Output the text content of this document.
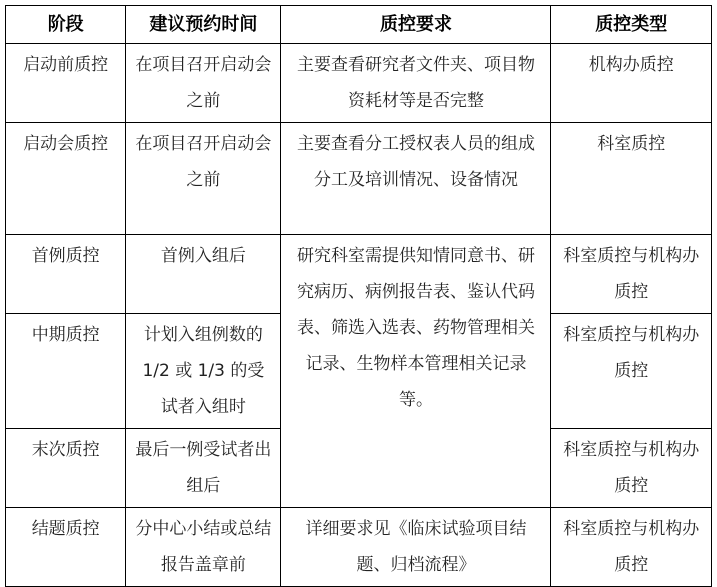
阶段	建议预约时间	质控要求	质控类型
启动前质控	在项目召开启动会之前	主要查看研究者文件夹、项目物资耗材等是否完整	机构办质控
启动会质控	在项目召开启动会之前	主要查看分工授权表人员的组成分工及培训情况、设备情况	科室质控
首例质控	首例入组后	研究科室需提供知情同意书、研究病历、病例报告表、鉴认代码表、筛选入选表、药物管理相关记录、生物样本管理相关记录等。	科室质控与机构办质控
中期质控	计划入组例数的 1/2 或 1/3 的受试者入组时		科室质控与机构办质控
末次质控	最后一例受试者出组后		科室质控与机构办质控
结题质控	分中心小结或总结报告盖章前	详细要求见《临床试验项目结题、归档流程》	科室质控与机构办质控
